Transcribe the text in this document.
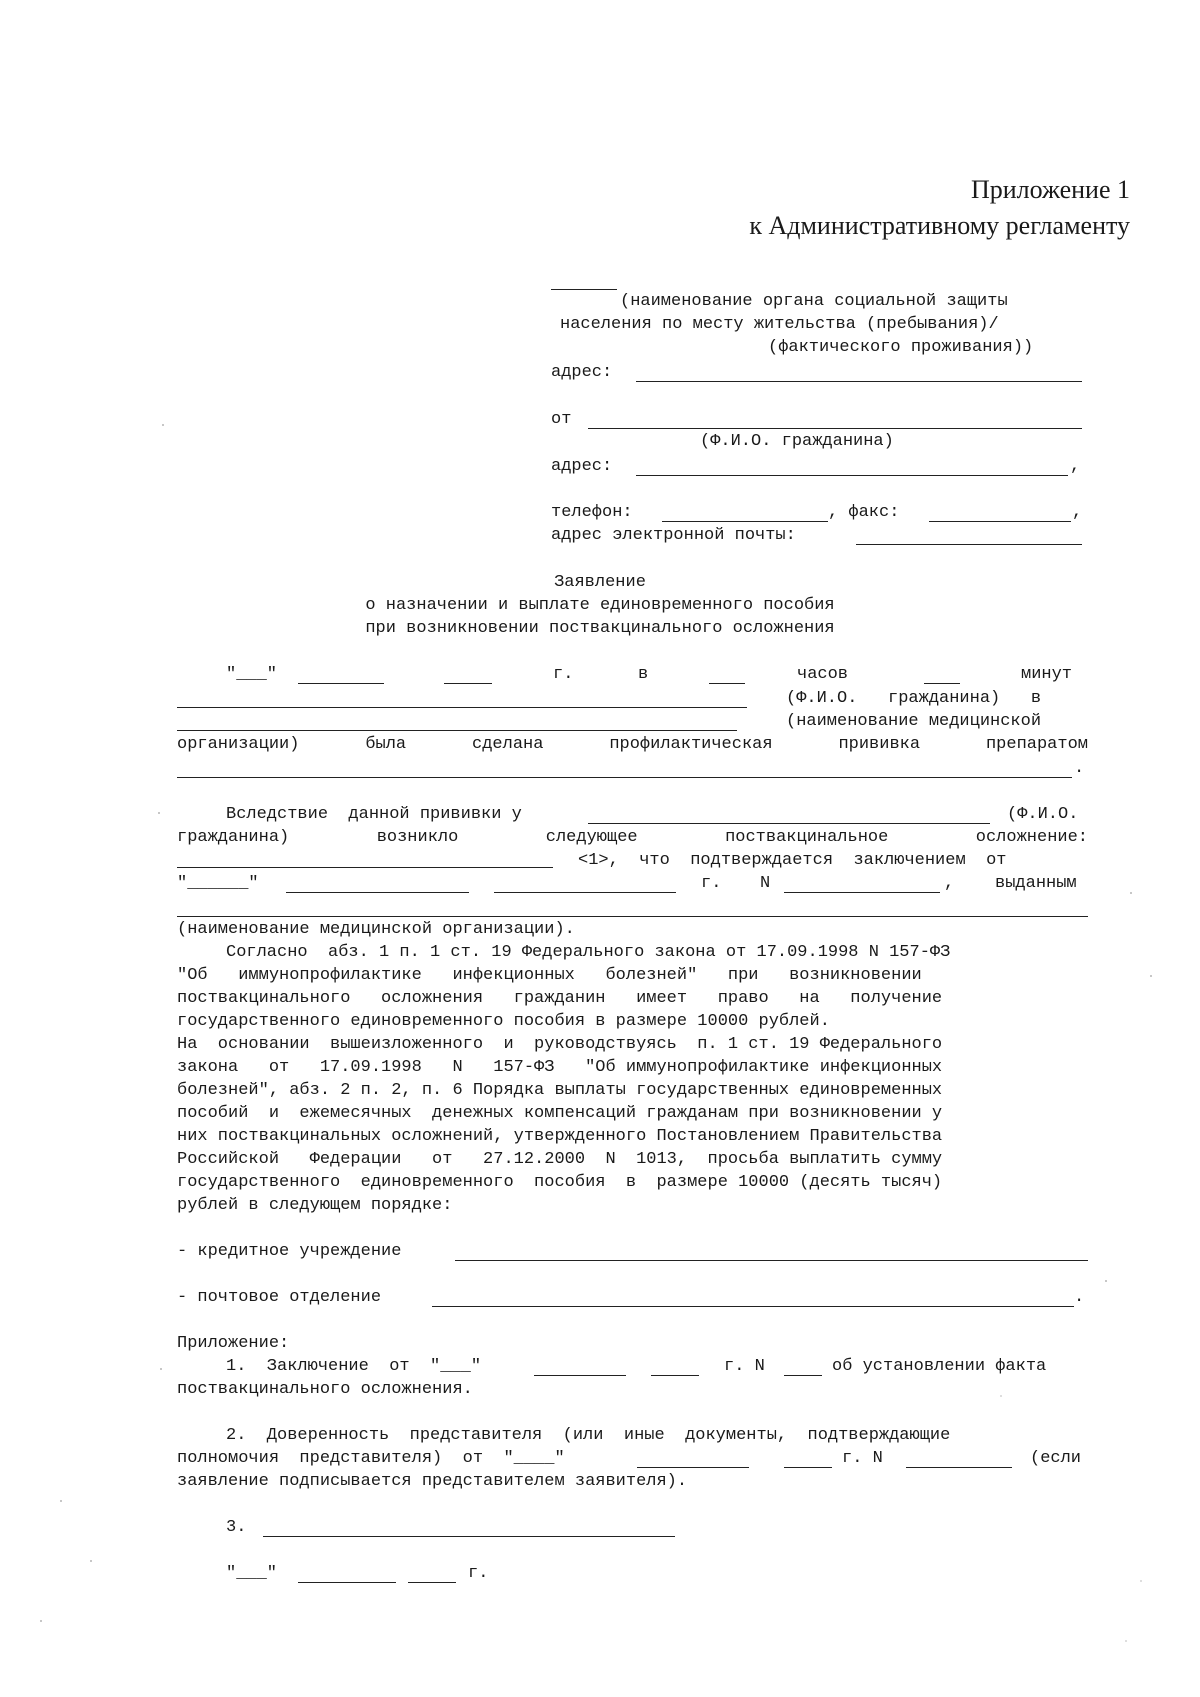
Приложение 1
к Административному регламенту
(наименование органа социальной защиты
населения по месту жительства (пребывания)/
(фактического проживания))
адрес:
от
(Ф.И.О. гражданина)
адрес:	,
телефон:	, факс:	,
адрес электронной почты:
Заявление
о назначении и выплате единовременного пособия
при возникновении поствакцинального осложнения
"___"	г.	в	часов	минут
(Ф.И.О.   гражданина)   в
(наименование медицинской
организации)	была	сделана	профилактическая	прививка	препаратом
.
Вследствие  данной прививки у	(Ф.И.О.
гражданина)	возникло	следующее	поствакцинальное	осложнение:
<1>,  что  подтверждается  заключением  от
"______"	г. N	,    выданным
(наименование медицинской организации).
Согласно  абз. 1 п. 1 ст. 19 Федерального закона от 17.09.1998 N 157-ФЗ
"Об   иммунопрофилактике   инфекционных   болезней"   при   возникновении
поствакцинального   осложнения   гражданин   имеет   право   на   получение
государственного единовременного пособия в размере 10000 рублей.
На  основании  вышеизложенного  и  руководствуясь  п. 1 ст. 19 Федерального
закона   от   17.09.1998   N   157-ФЗ   "Об иммунопрофилактике инфекционных
болезней", абз. 2 п. 2, п. 6 Порядка выплаты государственных единовременных
пособий  и  ежемесячных  денежных компенсаций гражданам при возникновении у
них поствакцинальных осложнений, утвержденного Постановлением Правительства
Российской   Федерации   от   27.12.2000  N  1013,  просьба выплатить сумму
государственного  единовременного  пособия  в  размере 10000 (десять тысяч)
рублей в следующем порядке:
- кредитное учреждение
- почтовое отделение	.
Приложение:
1.  Заключение  от  "___"	г. N	об установлении факта
поствакцинального осложнения.
2.  Доверенность  представителя  (или  иные  документы,  подтверждающие
полномочия  представителя)  от  "____"	г. N	(если
заявление подписывается представителем заявителя).
3.
"___"	г.
